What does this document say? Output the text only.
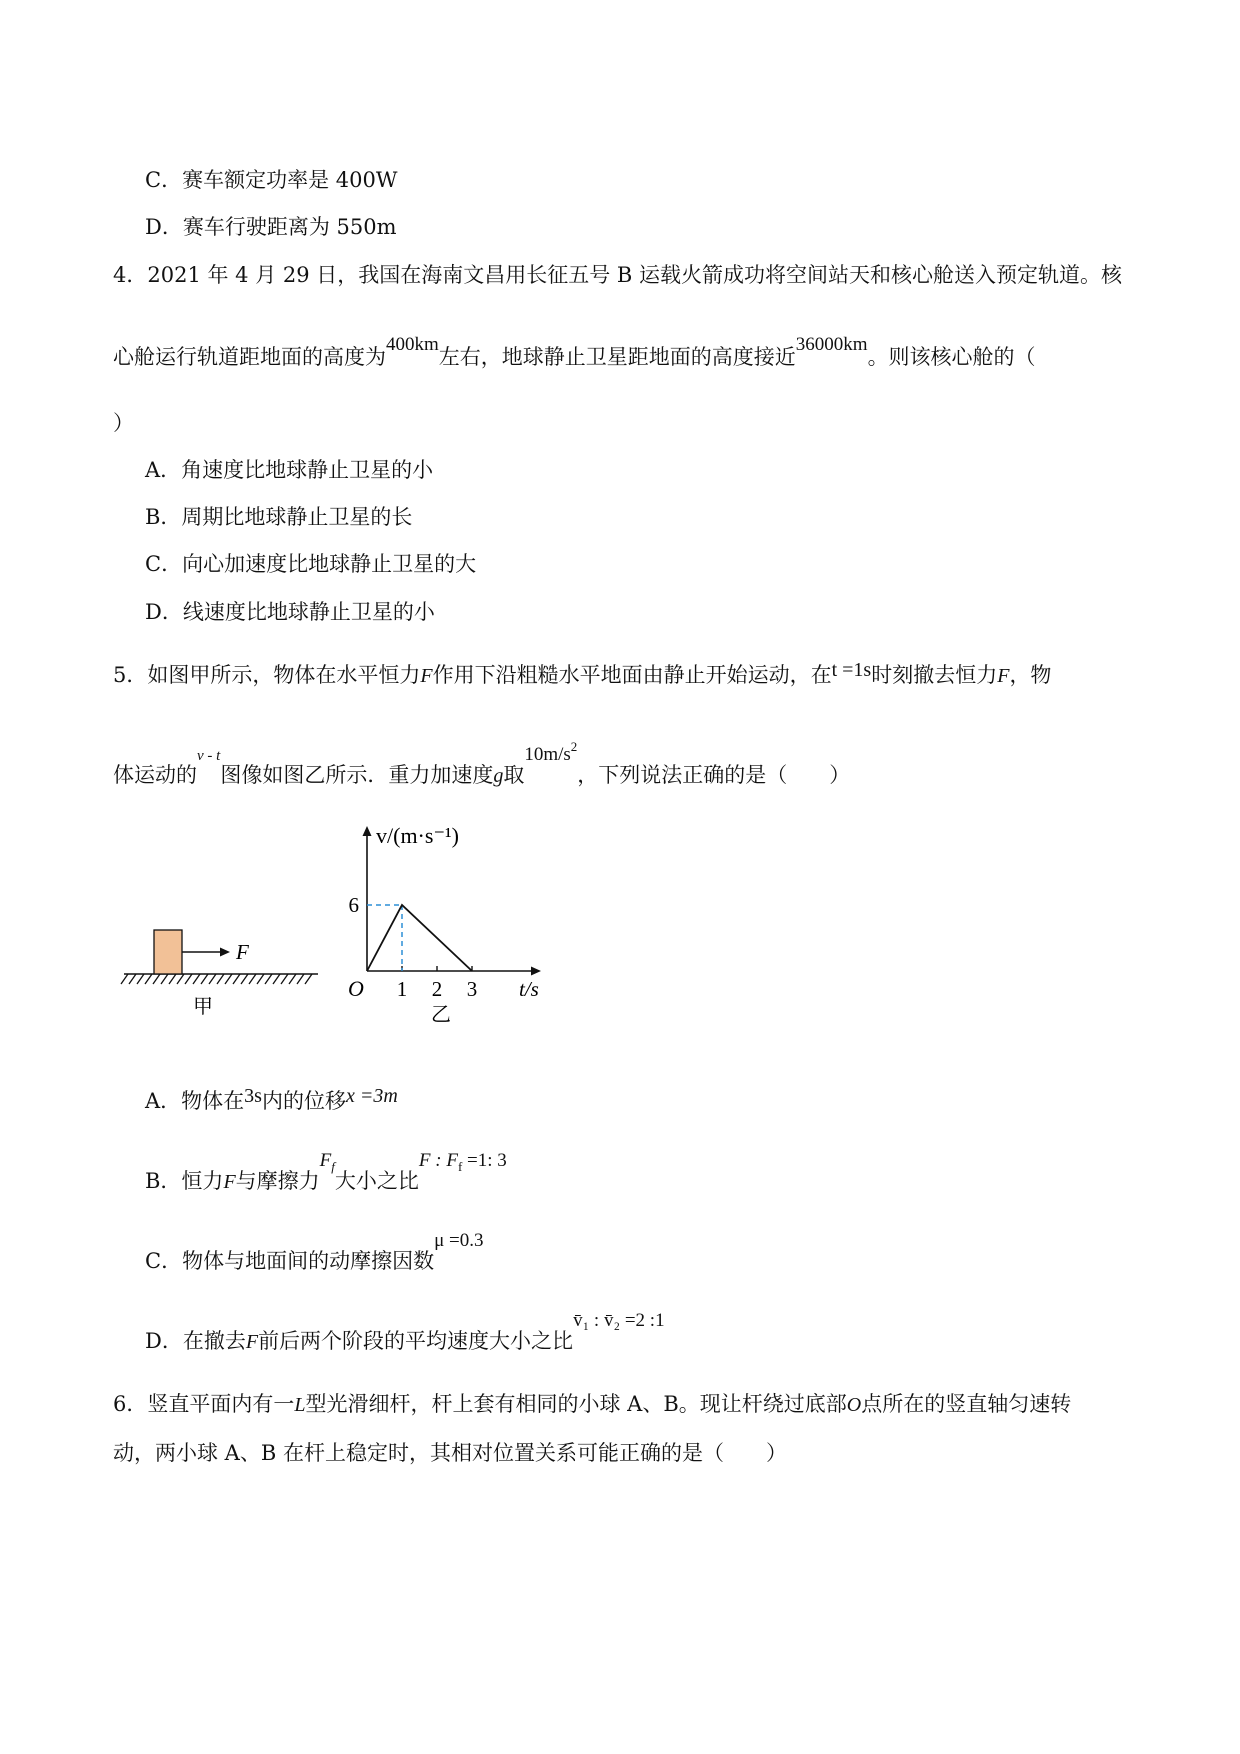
C．赛车额定功率是 400W
D．赛车行驶距离为 550m
4．2021 年 4 月 29 日，我国在海南文昌用长征五号 B 运载火箭成功将空间站天和核心舱送入预定轨道。核
心舱运行轨道距地面的高度为400km左右，地球静止卫星距地面的高度接近36000km。则该核心舱的（
）
A．角速度比地球静止卫星的小
B．周期比地球静止卫星的长
C．向心加速度比地球静止卫星的大
D．线速度比地球静止卫星的小
5．如图甲所示，物体在水平恒力F作用下沿粗糙水平地面由静止开始运动，在t =1s时刻撤去恒力F，物
体运动的$^{v - t}$图像如图乙所示．重力加速度g取$10m/s^2$，下列说法正确的是（　　）
F
甲
v/(m·s⁻¹)
t/s
O 1 2 3
6
乙
A．物体在3s内的位移x =3m
B．恒力F与摩擦力$F_f$大小之比F : $F_f =1$: 3
C．物体与地面间的动摩擦因数μ =0.3
D．在撤去F前后两个阶段的平均速度大小之比v̄₁ : v̄₂ =2 :1
6．竖直平面内有一L型光滑细杆，杆上套有相同的小球 A、B。现让杆绕过底部O点所在的竖直轴匀速转
动，两小球 A、B 在杆上稳定时，其相对位置关系可能正确的是（　　）
